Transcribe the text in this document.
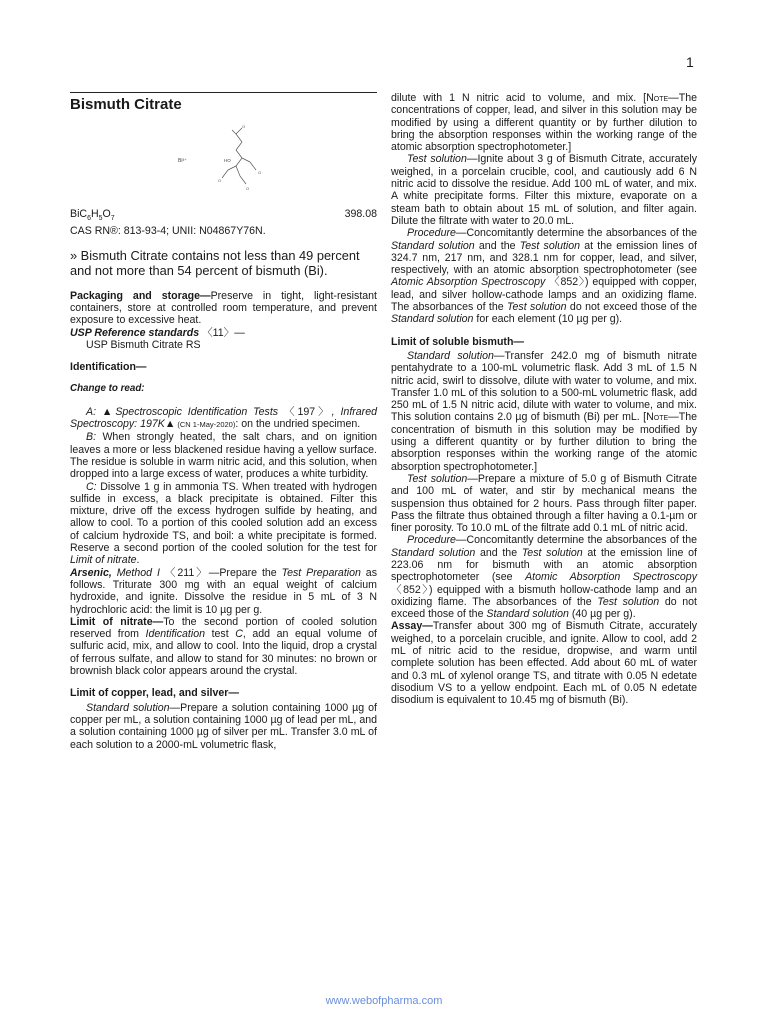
1
Bismuth Citrate
Bi³⁺	HO
O
O
O
O
$BiC_6H_5O_7$	398.08
CAS RN®: 813-93-4; UNII: N04867Y76N.
» Bismuth Citrate contains not less than 49 percent and not more than 54 percent of bismuth (Bi).

Packaging and storage—Preserve in tight, light-resistant containers, store at controlled room temperature, and prevent exposure to excessive heat.

USP Reference standards 〈11〉—

USP Bismuth Citrate RS

Identification—
Change to read:

A: ▲Spectroscopic Identification Tests 〈197〉, Infrared Spectroscopy: 197K▲ (CN 1-May-2020): on the undried specimen.

B: When strongly heated, the salt chars, and on ignition leaves a more or less blackened residue having a yellow surface. The residue is soluble in warm nitric acid, and this solution, when dropped into a large excess of water, produces a white turbidity.

C: Dissolve 1 g in ammonia TS. When treated with hydrogen sulfide in excess, a black precipitate is obtained. Filter this mixture, drive off the excess hydrogen sulfide by heating, and allow to cool. To a portion of this cooled solution add an excess of calcium hydroxide TS, and boil: a white precipitate is formed. Reserve a second portion of the cooled solution for the test for Limit of nitrate.

Arsenic, Method I 〈211〉—Prepare the Test Preparation as follows. Triturate 300 mg with an equal weight of calcium hydroxide, and ignite. Dissolve the residue in 5 mL of 3 N hydrochloric acid: the limit is 10 µg per g.

Limit of nitrate—To the second portion of cooled solution reserved from Identification test C, add an equal volume of sulfuric acid, mix, and allow to cool. Into the liquid, drop a crystal of ferrous sulfate, and allow to stand for 30 minutes: no brown or brownish black color appears around the crystal.

Limit of copper, lead, and silver—

Standard solution—Prepare a solution containing 1000 µg of copper per mL, a solution containing 1000 µg of lead per mL, and a solution containing 1000 µg of silver per mL. Transfer 3.0 mL of each solution to a 2000-mL volumetric flask,

dilute with 1 N nitric acid to volume, and mix. [Note—The concentrations of copper, lead, and silver in this solution may be modified by using a different quantity or by further dilution to bring the absorption responses within the working range of the atomic absorption spectrophotometer.]

Test solution—Ignite about 3 g of Bismuth Citrate, accurately weighed, in a porcelain crucible, cool, and cautiously add 6 N nitric acid to dissolve the residue. Add 100 mL of water, and mix. A white precipitate forms. Filter this mixture, evaporate on a steam bath to obtain about 15 mL of solution, and filter again. Dilute the filtrate with water to 20.0 mL.

Procedure—Concomitantly determine the absorbances of the Standard solution and the Test solution at the emission lines of 324.7 nm, 217 nm, and 328.1 nm for copper, lead, and silver, respectively, with an atomic absorption spectrophotometer (see Atomic Absorption Spectroscopy 〈852〉) equipped with copper, lead, and silver hollow-cathode lamps and an oxidizing flame. The absorbances of the Test solution do not exceed those of the Standard solution for each element (10 µg per g).

Limit of soluble bismuth—

Standard solution—Transfer 242.0 mg of bismuth nitrate pentahydrate to a 100-mL volumetric flask. Add 3 mL of 1.5 N nitric acid, swirl to dissolve, dilute with water to volume, and mix. Transfer 1.0 mL of this solution to a 500-mL volumetric flask, add 250 mL of 1.5 N nitric acid, dilute with water to volume, and mix. This solution contains 2.0 µg of bismuth (Bi) per mL. [Note—The concentration of bismuth in this solution may be modified by using a different quantity or by further dilution to bring the absorption responses within the working range of the atomic absorption spectrophotometer.]

Test solution—Prepare a mixture of 5.0 g of Bismuth Citrate and 100 mL of water, and stir by mechanical means the suspension thus obtained for 2 hours. Pass through filter paper. Pass the filtrate thus obtained through a filter having a 0.1-µm or finer porosity. To 10.0 mL of the filtrate add 0.1 mL of nitric acid.

Procedure—Concomitantly determine the absorbances of the Standard solution and the Test solution at the emission line of 223.06 nm for bismuth with an atomic absorption spectrophotometer (see Atomic Absorption Spectroscopy 〈852〉) equipped with a bismuth hollow-cathode lamp and an oxidizing flame. The absorbances of the Test solution do not exceed those of the Standard solution (40 µg per g).

Assay—Transfer about 300 mg of Bismuth Citrate, accurately weighed, to a porcelain crucible, and ignite. Allow to cool, add 2 mL of nitric acid to the residue, dropwise, and warm until complete solution has been effected. Add about 60 mL of water and 0.3 mL of xylenol orange TS, and titrate with 0.05 N edetate disodium VS to a yellow endpoint. Each mL of 0.05 N edetate disodium is equivalent to 10.45 mg of bismuth (Bi).

www.webofpharma.com
